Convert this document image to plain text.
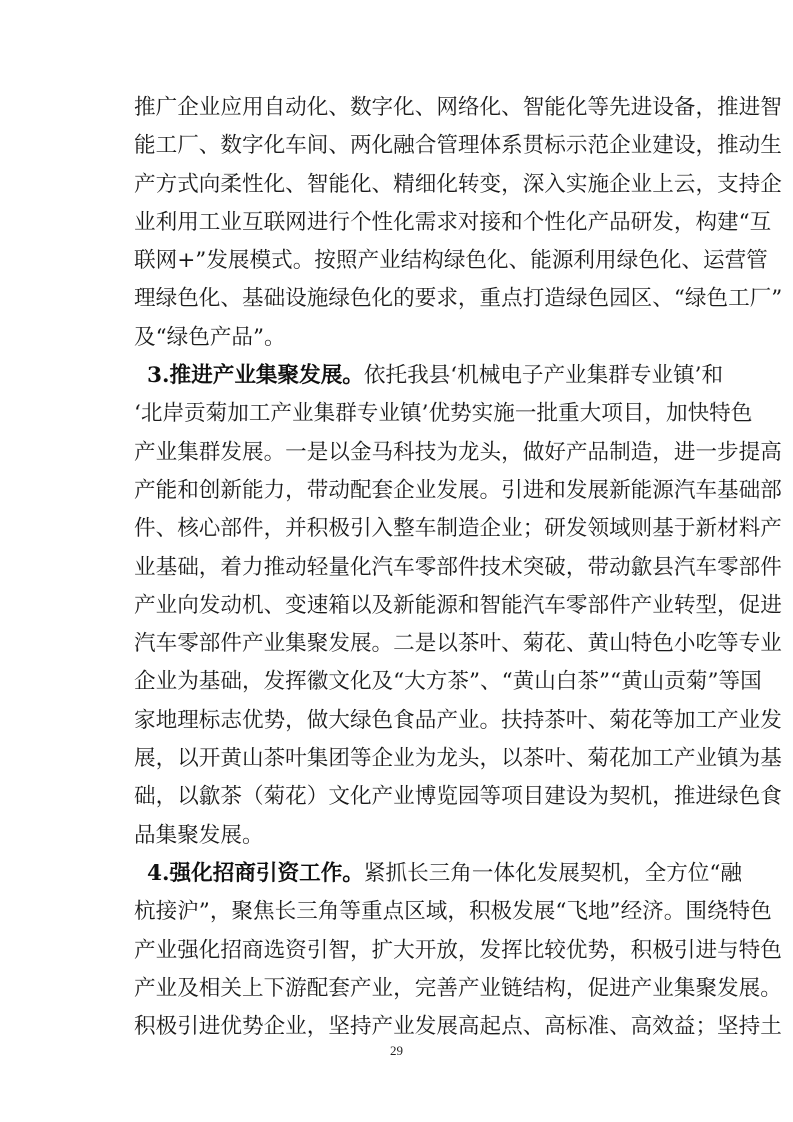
推广企业应用自动化、数字化、网络化、智能化等先进设备，推进智
能工厂、数字化车间、两化融合管理体系贯标示范企业建设，推动生
产方式向柔性化、智能化、精细化转变，深入实施企业上云，支持企
业利用工业互联网进行个性化需求对接和个性化产品研发，构建“互
联网+”发展模式。按照产业结构绿色化、能源利用绿色化、运营管
理绿色化、基础设施绿色化的要求，重点打造绿色园区、“绿色工厂”
及“绿色产品”。
3.推进产业集聚发展。依托我县‘机械电子产业集群专业镇’和
‘北岸贡菊加工产业集群专业镇’优势实施一批重大项目，加快特色
产业集群发展。一是以金马科技为龙头，做好产品制造，进一步提高
产能和创新能力，带动配套企业发展。引进和发展新能源汽车基础部
件、核心部件，并积极引入整车制造企业；研发领域则基于新材料产
业基础，着力推动轻量化汽车零部件技术突破，带动歙县汽车零部件
产业向发动机、变速箱以及新能源和智能汽车零部件产业转型，促进
汽车零部件产业集聚发展。二是以茶叶、菊花、黄山特色小吃等专业
企业为基础，发挥徽文化及“大方茶”、“黄山白茶”“黄山贡菊”等国
家地理标志优势，做大绿色食品产业。扶持茶叶、菊花等加工产业发
展，以开黄山茶叶集团等企业为龙头，以茶叶、菊花加工产业镇为基
础，以歙茶（菊花）文化产业博览园等项目建设为契机，推进绿色食
品集聚发展。
4.强化招商引资工作。紧抓长三角一体化发展契机，全方位“融
杭接沪”，聚焦长三角等重点区域，积极发展“飞地”经济。围绕特色
产业强化招商选资引智，扩大开放，发挥比较优势，积极引进与特色
产业及相关上下游配套产业，完善产业链结构，促进产业集聚发展。
积极引进优势企业，坚持产业发展高起点、高标准、高效益；坚持土
29
